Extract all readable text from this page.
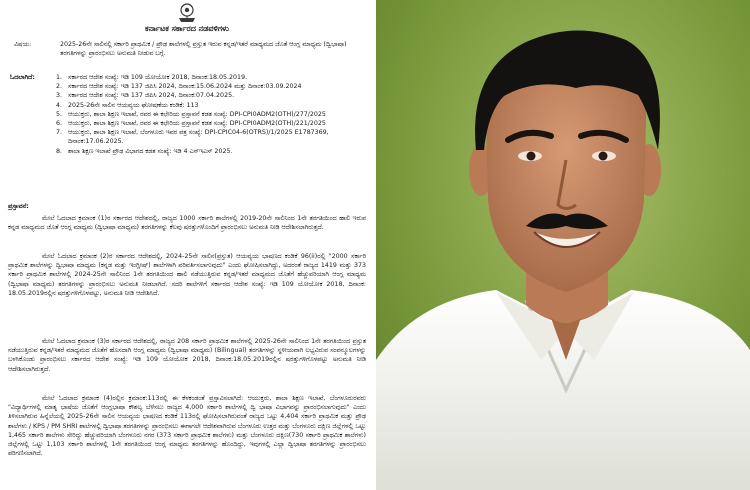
ಕರ್ನಾಟಕ ಸರ್ಕಾರದ ನಡವಳಿಗಳು
ವಿಷಯ:	2025-26ನೇ ಸಾಲಿನಲ್ಲಿ ಸರ್ಕಾರಿ ಪ್ರಾಥಮಿಕ / ಪ್ರೌಢ ಶಾಲೆಗಳಲ್ಲಿ ಪ್ರಸ್ತುತ ಇರುವ ಕನ್ನಡ/ಇತರೆ ಮಾಧ್ಯಮದ ಜೊತೆ ಆಂಗ್ಲ ಮಾಧ್ಯಮ (ದ್ವಿಭಾಷಾ) ತರಗತಿಗಳನ್ನು ಪ್ರಾರಂಭಿಸಲು ಅನುಮತಿ ನೀಡುವ ಬಗ್ಗೆ.
ಓದಲಾಗಿದೆ:	1. ಸರ್ಕಾರದ ಆದೇಶ ಸಂಖ್ಯೆ: ಇಡಿ 109 ಯೋಯೋಕ 2018, ದಿನಾಂಕ:18.05.2019.
2. ಸರ್ಕಾರದ ಆದೇಶ ಸಂಖ್ಯೆ: ಇಡಿ 137 ಜಿಪಿಸಿ 2024, ದಿನಾಂಕ:15.06.2024 ಮತ್ತು ದಿನಾಂಕ:03.09.2024
3. ಸರ್ಕಾರದ ಆದೇಶ ಸಂಖ್ಯೆ: ಇಡಿ 137 ಜಿಪಿಸಿ 2024, ದಿನಾಂಕ:07.04.2025.
4. 2025-26ನೇ ಸಾಲಿನ ಆಯವ್ಯಯ ಘೋಷಣೆಯ ಕಂಡಿಕೆ: 113
5. ಆಯುಕ್ತರು, ಶಾಲಾ ಶಿಕ್ಷಣ ಇಲಾಖೆ, ರವರ ಈ ಕಛೇರಿಯ ಪ್ರಸ್ತಾವನೆ ಕಡತ ಸಂಖ್ಯೆ: DPI-CPI0ADM2(OTH)/277/2025
6. ಆಯುಕ್ತರು, ಶಾಲಾ ಶಿಕ್ಷಣ ಇಲಾಖೆ, ರವರ ಈ ಕಛೇರಿಯ ಪ್ರಸ್ತಾವನೆ ಕಡತ ಸಂಖ್ಯೆ: DPI-CPI0ADM2(OTH)/221/2025
7. ಆಯುಕ್ತರು, ಶಾಲಾ ಶಿಕ್ಷಣ ಇಲಾಖೆ, ಬೆಂಗಳೂರು ಇವರ ಪತ್ರ ಸಂಖ್ಯೆ: DPI-CPIC04-6(OTRS)/1/2025 E1787369, ದಿನಾಂಕ:17.06.2025.
8. ಶಾಲಾ ಶಿಕ್ಷಣ ಇಲಾಖೆ ಪ್ರೌಢ ವಿಭಾಗದ ಕಡತ ಸಂಖ್ಯೆ: ಇಡಿ 4 ಎಸ್‌ಇಎಸ್ 2025.
ಪ್ರಸ್ತಾವನೆ:
ಮೇಲೆ ಓದಲಾದ ಕ್ರಮಾಂಕ (1)ರ ಸರ್ಕಾರದ ಆದೇಶದಲ್ಲಿ, ರಾಜ್ಯದ 1000 ಸರ್ಕಾರಿ ಶಾಲೆಗಳಲ್ಲಿ 2019-20ನೇ ಸಾಲಿನಿಂದ 1ನೇ ತರಗತಿಯಿಂದ ಹಾಲಿ ಇರುವ ಕನ್ನಡ ಮಾಧ್ಯಮದ ಜೊತೆ ಆಂಗ್ಲ ಮಾಧ್ಯಮ (ದ್ವಿಭಾಷಾ ಮಾಧ್ಯಮ) ತರಗತಿಗಳನ್ನು ಕೆಲವು ಷರತ್ತುಗಳೊಂದಿಗೆ ಪ್ರಾರಂಭಿಸಲು ಅನುಮತಿ ನೀಡಿ ಆದೇಶಿಸಲಾಗಿರುತ್ತದೆ.
ಮೇಲೆ ಓದಲಾದ ಕ್ರಮಾಂಕ (2)ರ ಸರ್ಕಾರದ ಆದೇಶದಲ್ಲಿ, 2024-25ನೇ ಸಾಲಿನ(ಪ್ರಸ್ತುತ) ಆಯವ್ಯಯ ಭಾಷಣದ ಕಂಡಿಕೆ 96(ii)ರಲ್ಲಿ "2000 ಸರ್ಕಾರಿ ಪ್ರಾಥಮಿಕ ಶಾಲೆಗಳನ್ನು ದ್ವಿಭಾಷಾ ಮಾಧ್ಯಮ (ಕನ್ನಡ ಮತ್ತು ಇಂಗ್ಲೀಷ್) ಶಾಲೆಗಳಾಗಿ ಪರಿವರ್ತಿಸಲಾಗುವುದು" ಎಂದು ಘೋಷಿಸಲಾಗಿದ್ದು, ಅದರಂತೆ ರಾಜ್ಯದ 1419 ಮತ್ತು 373 ಸರ್ಕಾರಿ ಪ್ರಾಥಮಿಕ ಶಾಲೆಗಳಲ್ಲಿ 2024-25ನೇ ಸಾಲಿನಿಂದ 1ನೇ ತರಗತಿಯಿಂದ ಹಾಲಿ ನಡೆಯುತ್ತಿರುವ ಕನ್ನಡ/ಇತರೆ ಮಾಧ್ಯಮದ ಜೊತೆಗೆ ಹೆಚ್ಚುವರಿಯಾಗಿ ಆಂಗ್ಲ ಮಾಧ್ಯಮ (ದ್ವಿಭಾಷಾ ಮಾಧ್ಯಮ) ತರಗತಿಗಳನ್ನು ಪ್ರಾರಂಭಿಸಲು ಅನುಮತಿ ನೀಡಲಾಗಿದೆ. ಸದರಿ ಶಾಲೆಗಳಿಗೆ ಸರ್ಕಾರದ ಆದೇಶ ಸಂಖ್ಯೆ: ಇಡಿ 109 ಯೋಯೋಕ 2018, ದಿನಾಂಕ: 18.05.2019ರಲ್ಲಿನ ಷರತ್ತುಗಳಿಗೊಳಪಟ್ಟು, ಅನುಮತಿ ನೀಡಿ ಆದೇಶಿಸಿದೆ.
ಮೇಲೆ ಓದಲಾದ ಕ್ರಮಾಂಕ (3)ರ ಸರ್ಕಾರದ ಆದೇಶದಲ್ಲಿ, ರಾಜ್ಯದ 208 ಸರ್ಕಾರಿ ಪ್ರಾಥಮಿಕ ಶಾಲೆಗಳಲ್ಲಿ 2025-26ನೇ ಸಾಲಿನಿಂದ 1ನೇ ತರಗತಿಯಿಂದ ಪ್ರಸ್ತುತ ನಡೆಯುತ್ತಿರುವ ಕನ್ನಡ/ಇತರೆ ಮಾಧ್ಯಮದ ಜೊತೆಗೆ ಹೊಸದಾಗಿ ಆಂಗ್ಲ ಮಾಧ್ಯಮ (ದ್ವಿಭಾಷಾ ಮಾಧ್ಯಮ) (Bilingual) ತರಗತಿಗಳನ್ನು ಸ್ಥಳೀಯವಾಗಿ ಲಭ್ಯವಿರುವ ಸಂಪನ್ಮೂಲಗಳನ್ನು ಬಳಸಿಕೊಂಡು ಪ್ರಾರಂಭಿಸಲು ಸರ್ಕಾರದ ಆದೇಶ ಸಂಖ್ಯೆ: ಇಡಿ 109 ಯೋಯೋಕ 2018, ದಿನಾಂಕ:18.05.2019ರಲ್ಲಿನ ಷರತ್ತುಗಳಿಗೊಳಪಟ್ಟು ಅನುಮತಿ ನೀಡಿ ಆದೇಶಿಸಲಾಗಿರುತ್ತದೆ.
ಮೇಲೆ ಓದಲಾದ ಕ್ರಮಾಂಕ (4)ರಲ್ಲಿನ ಕ್ರಮಾಂಕ:113ರಲ್ಲಿ ಈ ಕೆಳಕಂಡಂತೆ ಪ್ರಸ್ತಾವಿಸಲಾಗಿದೆ: ಆಯುಕ್ತರು, ಶಾಲಾ ಶಿಕ್ಷಣ ಇಲಾಖೆ, ಬೆಂಗಳೂರುರವರು "ವಿದ್ಯಾರ್ಥಿಗಳಲ್ಲಿ ಮಾತೃ ಭಾಷೆಯ ಜೊತೆಗೆ ಆಂಗ್ಲಭಾಷಾ ಕೌಶಲ್ಯ ಬೆಳೆಸಲು ರಾಜ್ಯದ 4,000 ಸರ್ಕಾರಿ ಶಾಲೆಗಳಲ್ಲಿ ದ್ವಿ ಭಾಷಾ ವಿಭಾಗವನ್ನು ಪ್ರಾರಂಭಿಸಲಾಗುವುದು" ಎಂದು ತಿಳಿಸಲಾಗಿರುವ ಹಿನ್ನೆಲೆಯಲ್ಲಿ 2025-26ನೇ ಸಾಲಿನ ಆಯವ್ಯಯ ಭಾಷಣದ ಕಂಡಿಕೆ 113ರಲ್ಲಿ ಘೋಷಿಸಲಾಗಿರುವಂತೆ ರಾಜ್ಯದ ಒಟ್ಟು 4,404 ಸರ್ಕಾರಿ ಪ್ರಾಥಮಿಕ ಮತ್ತು ಪ್ರೌಢ ಶಾಲೆಗಳು / KPS / PM SHRI ಶಾಲೆಗಳಲ್ಲಿ ದ್ವಿಭಾಷಾ ತರಗತಿಗಳನ್ನು ಪ್ರಾರಂಭಿಸಲು ಈಗಾಗಲೇ ಆದೇಶವಾಗಿರುವ ಬೆಂಗಳೂರು ಉತ್ತರ ಮತ್ತು ಬೆಂಗಳೂರು ದಕ್ಷಿಣ ಜಿಲ್ಲೆಗಳಲ್ಲಿ ಒಟ್ಟು 1,465 ಸರ್ಕಾರಿ ಶಾಲೆಗಳು ಸೇರಿದ್ದು ಹೆಚ್ಚುವರಿಯಾಗಿ ಬೆಂಗಳೂರು ನಗರ (373 ಸರ್ಕಾರಿ ಪ್ರಾಥಮಿಕ ಶಾಲೆಗಳು) ಮತ್ತು ಬೆಂಗಳೂರು ದಕ್ಷಿಣ(730 ಸರ್ಕಾರಿ ಪ್ರಾಥಮಿಕ ಶಾಲೆಗಳು) ಜಿಲ್ಲೆಗಳಲ್ಲಿ ಒಟ್ಟು 1,103 ಸರ್ಕಾರಿ ಶಾಲೆಗಳಲ್ಲಿ 1ನೇ ತರಗತಿಯಿಂದ ಆಂಗ್ಲ ಮಾಧ್ಯಮ ತರಗತಿಗಳನ್ನು ಹೊಂದಿದ್ದು, ಇವುಗಳಲ್ಲಿ ಎಲ್ಲಾ ದ್ವಿಭಾಷಾ ತರಗತಿಗಳನ್ನು ಪ್ರಾರಂಭಿಸಲು ಪರಿಗಣಿಸಲಾಗಿದೆ.
